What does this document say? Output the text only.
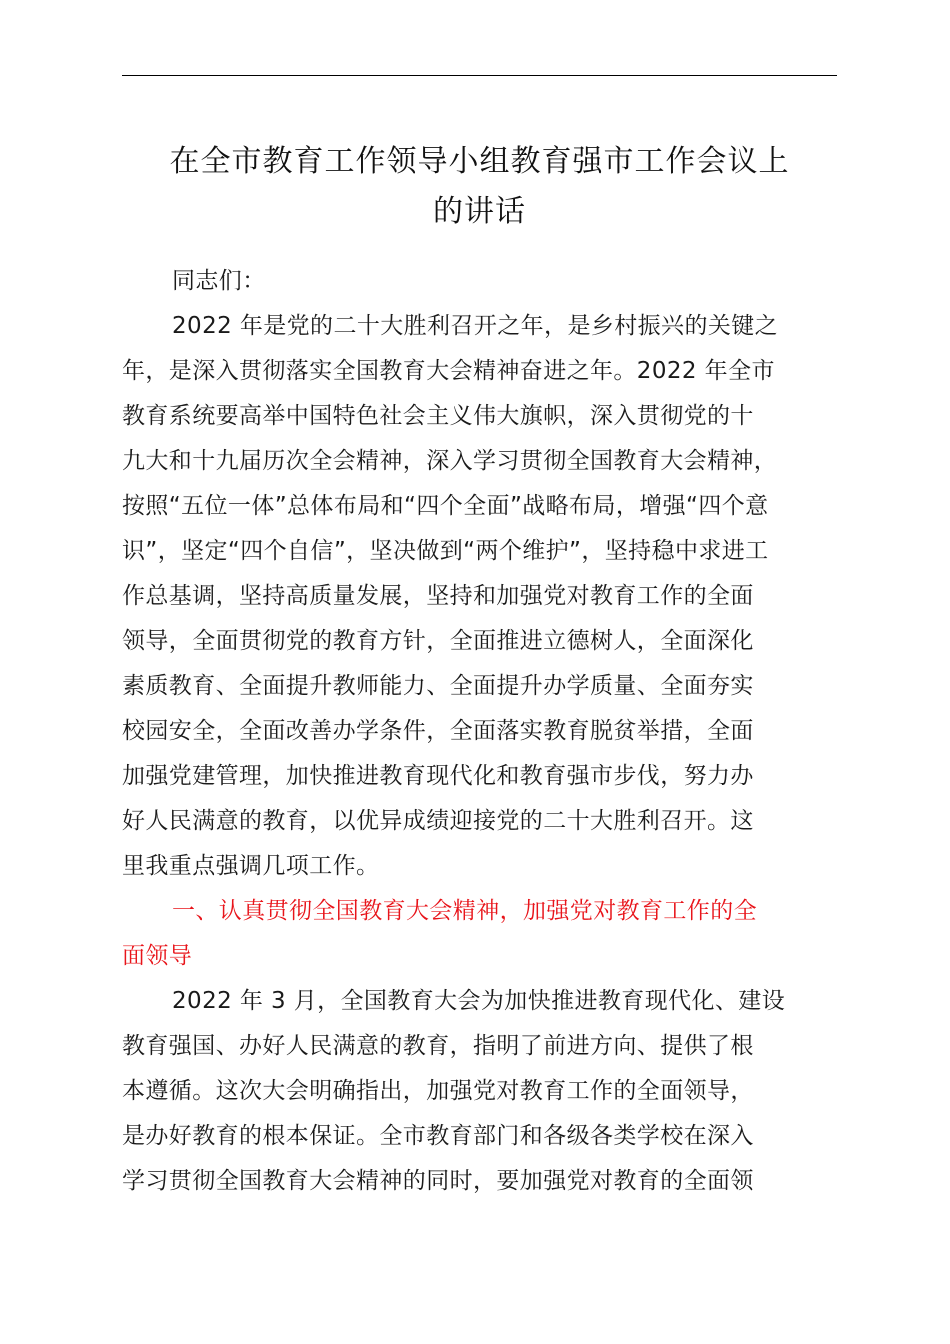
在全市教育工作领导小组教育强市工作会议上
的讲话
同志们：
2022 年是党的二十大胜利召开之年，是乡村振兴的关键之
年，是深入贯彻落实全国教育大会精神奋进之年。2022 年全市
教育系统要高举中国特色社会主义伟大旗帜，深入贯彻党的十
九大和十九届历次全会精神，深入学习贯彻全国教育大会精神，
按照“五位一体”总体布局和“四个全面”战略布局，增强“四个意
识”，坚定“四个自信”，坚决做到“两个维护”，坚持稳中求进工
作总基调，坚持高质量发展，坚持和加强党对教育工作的全面
领导，全面贯彻党的教育方针，全面推进立德树人，全面深化
素质教育、全面提升教师能力、全面提升办学质量、全面夯实
校园安全，全面改善办学条件，全面落实教育脱贫举措，全面
加强党建管理，加快推进教育现代化和教育强市步伐，努力办
好人民满意的教育，以优异成绩迎接党的二十大胜利召开。这
里我重点强调几项工作。
一、认真贯彻全国教育大会精神，加强党对教育工作的全
面领导
2022 年 3 月，全国教育大会为加快推进教育现代化、建设
教育强国、办好人民满意的教育，指明了前进方向、提供了根
本遵循。这次大会明确指出，加强党对教育工作的全面领导，
是办好教育的根本保证。全市教育部门和各级各类学校在深入
学习贯彻全国教育大会精神的同时，要加强党对教育的全面领
